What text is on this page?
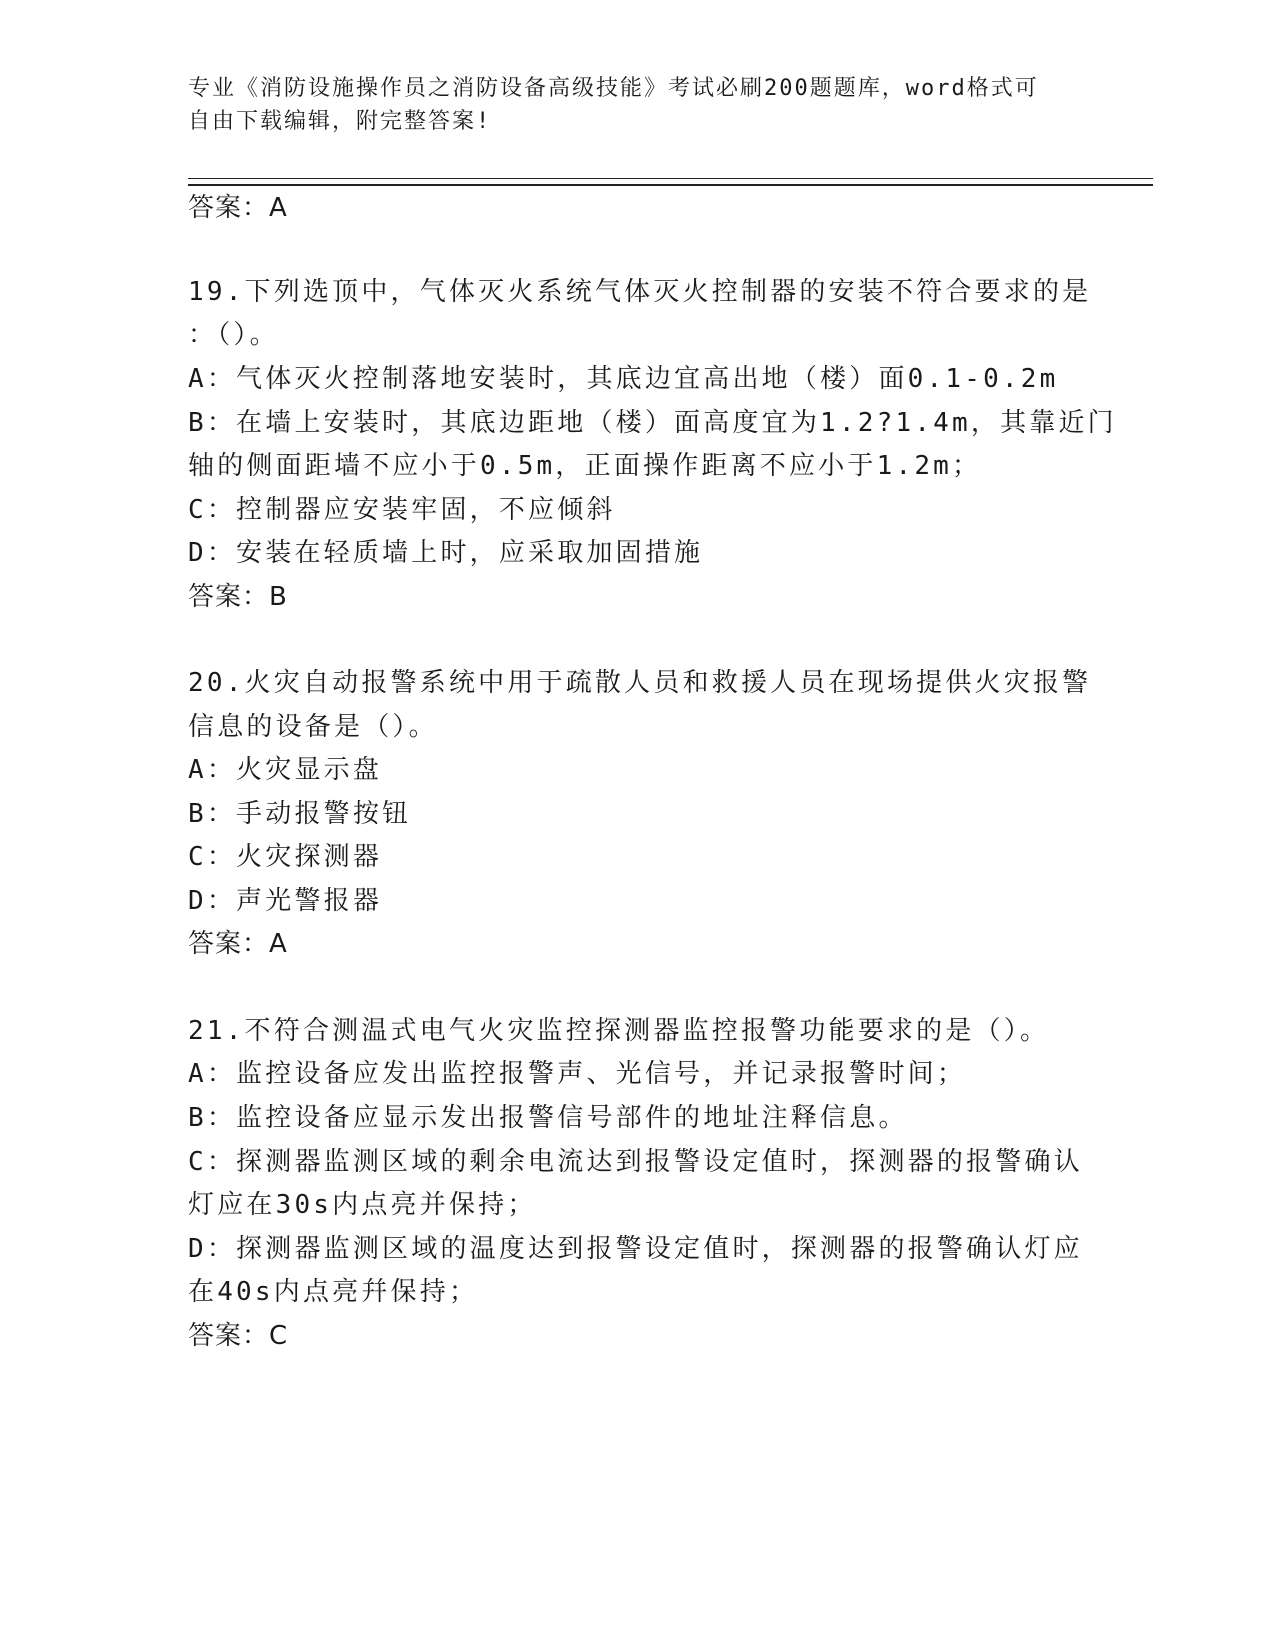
专业《消防设施操作员之消防设备高级技能》考试必刷200题题库，word格式可
自由下载编辑，附完整答案!
答案：A
19.下列选顶中，气体灭火系统气体灭火控制器的安装不符合要求的是
：（）。
A：气体灭火控制落地安装时，其底边宜高出地（楼）面0.1-0.2m
B：在墙上安装时，其底边距地（楼）面高度宜为1.2?1.4m，其靠近门
轴的侧面距墙不应小于0.5m，正面操作距离不应小于1.2m；
C：控制器应安装牢固，不应倾斜
D：安装在轻质墙上时，应采取加固措施
答案：B
20.火灾自动报警系统中用于疏散人员和救援人员在现场提供火灾报警
信息的设备是（）。
A：火灾显示盘
B：手动报警按钮
C：火灾探测器
D：声光警报器
答案：A
21.不符合测温式电气火灾监控探测器监控报警功能要求的是（）。
A：监控设备应发出监控报警声、光信号，并记录报警时间；
B：监控设备应显示发出报警信号部件的地址注释信息。
C：探测器监测区域的剩余电流达到报警设定值时，探测器的报警确认
灯应在30s内点亮并保持；
D：探测器监测区域的温度达到报警设定值时，探测器的报警确认灯应
在40s内点亮幷保持；
答案：C
